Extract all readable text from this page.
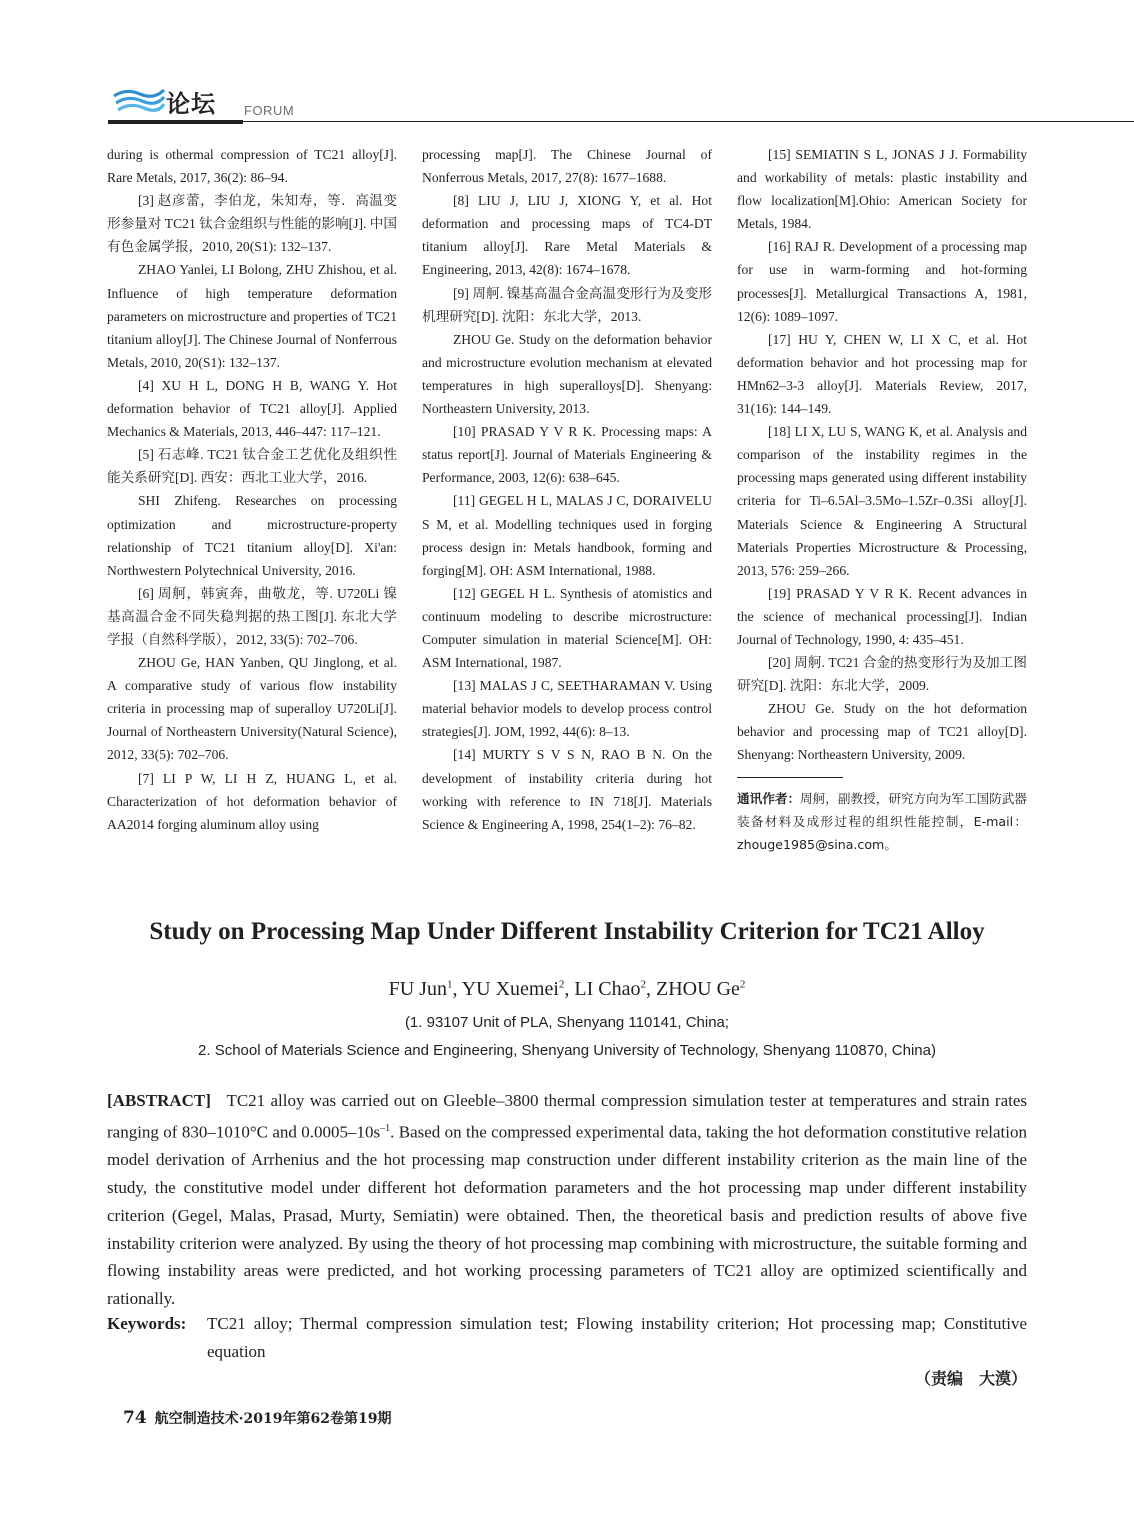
论坛 FORUM

during is othermal compression of TC21 alloy[J]. Rare Metals, 2017, 36(2): 86–94.

[3] 赵彦蕾，李伯龙，朱知寿，等．高温变形参量对 TC21 钛合金组织与性能的影响[J]. 中国有色金属学报，2010, 20(S1): 132–137.

ZHAO Yanlei, LI Bolong, ZHU Zhishou, et al. Influence of high temperature deformation parameters on microstructure and properties of TC21 titanium alloy[J]. The Chinese Journal of Nonferrous Metals, 2010, 20(S1): 132–137.

[4] XU H L, DONG H B, WANG Y. Hot deformation behavior of TC21 alloy[J]. Applied Mechanics & Materials, 2013, 446–447: 117–121.

[5] 石志峰. TC21 钛合金工艺优化及组织性能关系研究[D]. 西安：西北工业大学，2016.

SHI Zhifeng. Researches on processing optimization and microstructure-property relationship of TC21 titanium alloy[D]. Xi'an: Northwestern Polytechnical University, 2016.

[6] 周舸，韩寅奔，曲敬龙，等. U720Li 镍基高温合金不同失稳判据的热工图[J]. 东北大学学报（自然科学版），2012, 33(5): 702–706.

ZHOU Ge, HAN Yanben, QU Jinglong, et al. A comparative study of various flow instability criteria in processing map of superalloy U720Li[J]. Journal of Northeastern University(Natural Science), 2012, 33(5): 702–706.

[7] LI P W, LI H Z, HUANG L, et al. Characterization of hot deformation behavior of AA2014 forging aluminum alloy using

processing map[J]. The Chinese Journal of Nonferrous Metals, 2017, 27(8): 1677–1688.

[8] LIU J, LIU J, XIONG Y, et al. Hot deformation and processing maps of TC4-DT titanium alloy[J]. Rare Metal Materials & Engineering, 2013, 42(8): 1674–1678.

[9] 周舸. 镍基高温合金高温变形行为及变形机理研究[D]. 沈阳：东北大学，2013.

ZHOU Ge. Study on the deformation behavior and microstructure evolution mechanism at elevated temperatures in high superalloys[D]. Shenyang: Northeastern University, 2013.

[10] PRASAD Y V R K. Processing maps: A status report[J]. Journal of Materials Engineering & Performance, 2003, 12(6): 638–645.

[11] GEGEL H L, MALAS J C, DORAIVELU S M, et al. Modelling techniques used in forging process design in: Metals handbook, forming and forging[M]. OH: ASM International, 1988.

[12] GEGEL H L. Synthesis of atomistics and continuum modeling to describe microstructure: Computer simulation in material Science[M]. OH: ASM International, 1987.

[13] MALAS J C, SEETHARAMAN V. Using material behavior models to develop process control strategies[J]. JOM, 1992, 44(6): 8–13.

[14] MURTY S V S N, RAO B N. On the development of instability criteria during hot working with reference to IN 718[J]. Materials Science & Engineering A, 1998, 254(1–2): 76–82.

[15] SEMIATIN S L, JONAS J J. Formability and workability of metals: plastic instability and flow localization[M].Ohio: American Society for Metals, 1984.

[16] RAJ R. Development of a processing map for use in warm-forming and hot-forming processes[J]. Metallurgical Transactions A, 1981, 12(6): 1089–1097.

[17] HU Y, CHEN W, LI X C, et al. Hot deformation behavior and hot processing map for HMn62–3-3 alloy[J]. Materials Review, 2017, 31(16): 144–149.

[18] LI X, LU S, WANG K, et al. Analysis and comparison of the instability regimes in the processing maps generated using different instability criteria for Ti–6.5Al–3.5Mo–1.5Zr–0.3Si alloy[J]. Materials Science & Engineering A Structural Materials Properties Microstructure & Processing, 2013, 576: 259–266.

[19] PRASAD Y V R K. Recent advances in the science of mechanical processing[J]. Indian Journal of Technology, 1990, 4: 435–451.

[20] 周舸. TC21 合金的热变形行为及加工图研究[D]. 沈阳：东北大学，2009.

ZHOU Ge. Study on the hot deformation behavior and processing map of TC21 alloy[D]. Shenyang: Northeastern University, 2009.

通讯作者：周舸，副教授，研究方向为军工国防武器装备材料及成形过程的组织性能控制，E-mail：zhouge1985@sina.com。
Study on Processing Map Under Different Instability Criterion for TC21 Alloy
FU Jun$^1$, YU Xuemei$^2$, LI Chao$^2$, ZHOU Ge$^2$
(1. 93107 Unit of PLA, Shenyang 110141, China;
2. School of Materials Science and Engineering, Shenyang University of Technology, Shenyang 110870, China)
[ABSTRACT] TC21 alloy was carried out on Gleeble–3800 thermal compression simulation tester at temperatures and strain rates ranging of 830–1010°C and $0.0005-10s^{-1}$. Based on the compressed experimental data, taking the hot deformation constitutive relation model derivation of Arrhenius and the hot processing map construction under different instability criterion as the main line of the study, the constitutive model under different hot deformation parameters and the hot processing map under different instability criterion (Gegel, Malas, Prasad, Murty, Semiatin) were obtained. Then, the theoretical basis and prediction results of above five instability criterion were analyzed. By using the theory of hot processing map combining with microstructure, the suitable forming and flowing instability areas were predicted, and hot working processing parameters of TC21 alloy are optimized scientifically and rationally.
Keywords: TC21 alloy; Thermal compression simulation test; Flowing instability criterion; Hot processing map; Constitutive equation
（责编　大漠）
74 航空制造技术·2019年第62卷第19期
